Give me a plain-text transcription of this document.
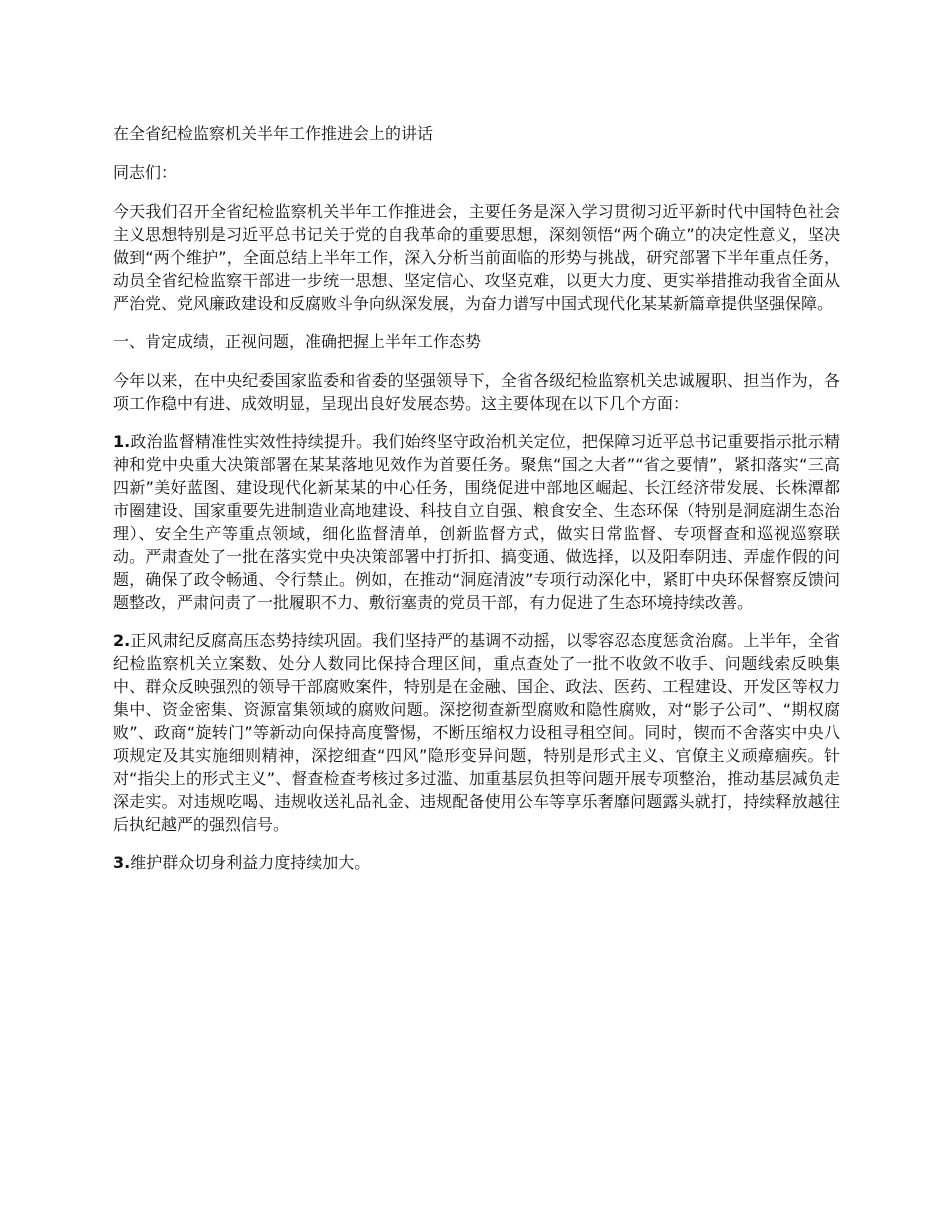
在全省纪检监察机关半年工作推进会上的讲话

同志们：

今天我们召开全省纪检监察机关半年工作推进会，主要任务是深入学习贯彻习近平新时代中国特色社会主义思想特别是习近平总书记关于党的自我革命的重要思想，深刻领悟“两个确立”的决定性意义，坚决做到“两个维护”，全面总结上半年工作，深入分析当前面临的形势与挑战，研究部署下半年重点任务，动员全省纪检监察干部进一步统一思想、坚定信心、攻坚克难，以更大力度、更实举措推动我省全面从严治党、党风廉政建设和反腐败斗争向纵深发展，为奋力谱写中国式现代化某某新篇章提供坚强保障。

一、肯定成绩，正视问题，准确把握上半年工作态势

今年以来，在中央纪委国家监委和省委的坚强领导下，全省各级纪检监察机关忠诚履职、担当作为，各项工作稳中有进、成效明显，呈现出良好发展态势。这主要体现在以下几个方面：

1.政治监督精准性实效性持续提升。我们始终坚守政治机关定位，把保障习近平总书记重要指示批示精神和党中央重大决策部署在某某落地见效作为首要任务。聚焦“国之大者”“省之要情”，紧扣落实“三高四新”美好蓝图、建设现代化新某某的中心任务，围绕促进中部地区崛起、长江经济带发展、长株潭都市圈建设、国家重要先进制造业高地建设、科技自立自强、粮食安全、生态环保（特别是洞庭湖生态治理）、安全生产等重点领域，细化监督清单，创新监督方式，做实日常监督、专项督查和巡视巡察联动。严肃查处了一批在落实党中央决策部署中打折扣、搞变通、做选择，以及阳奉阴违、弄虚作假的问题，确保了政令畅通、令行禁止。例如，在推动“洞庭清波”专项行动深化中，紧盯中央环保督察反馈问题整改，严肃问责了一批履职不力、敷衍塞责的党员干部，有力促进了生态环境持续改善。

2.正风肃纪反腐高压态势持续巩固。我们坚持严的基调不动摇，以零容忍态度惩贪治腐。上半年，全省纪检监察机关立案数、处分人数同比保持合理区间，重点查处了一批不收敛不收手、问题线索反映集中、群众反映强烈的领导干部腐败案件，特别是在金融、国企、政法、医药、工程建设、开发区等权力集中、资金密集、资源富集领域的腐败问题。深挖彻查新型腐败和隐性腐败，对“影子公司”、“期权腐败”、政商“旋转门”等新动向保持高度警惕，不断压缩权力设租寻租空间。同时，锲而不舍落实中央八项规定及其实施细则精神，深挖细查“四风”隐形变异问题，特别是形式主义、官僚主义顽瘴痼疾。针对“指尖上的形式主义”、督查检查考核过多过滥、加重基层负担等问题开展专项整治，推动基层减负走深走实。对违规吃喝、违规收送礼品礼金、违规配备使用公车等享乐奢靡问题露头就打，持续释放越往后执纪越严的强烈信号。

3.维护群众切身利益力度持续加大。
